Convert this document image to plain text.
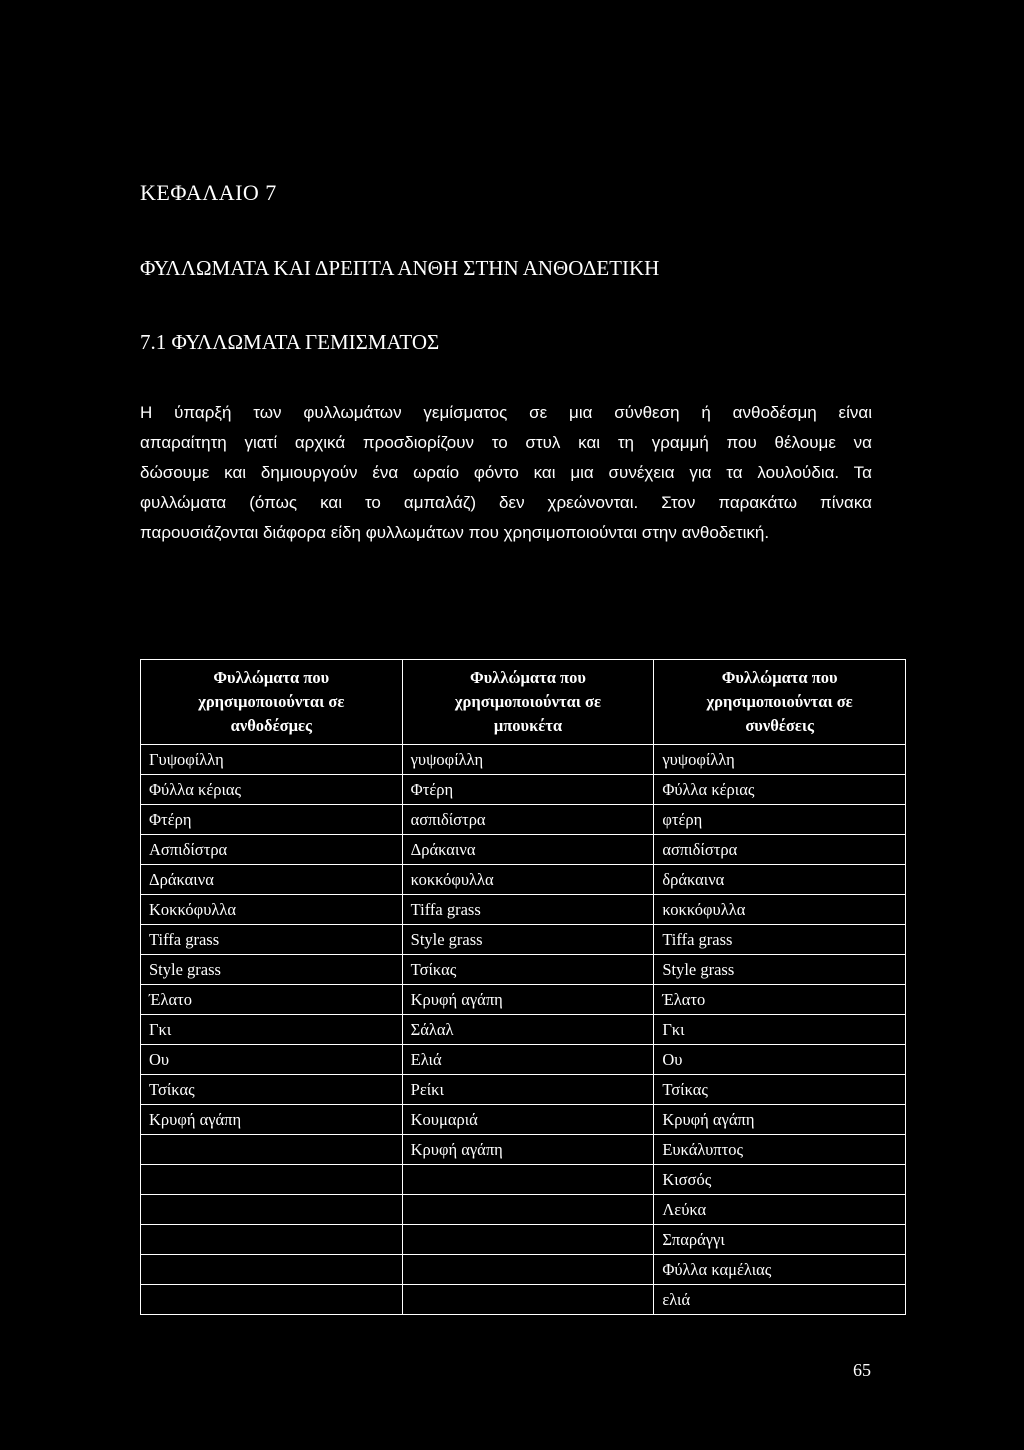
ΚΕΦΑΛΑΙΟ 7
ΦΥΛΛΩΜΑΤΑ ΚΑΙ ΔΡΕΠΤΑ ΑΝΘΗ ΣΤΗΝ ΑΝΘΟΔΕΤΙΚΗ
7.1 ΦΥΛΛΩΜΑΤΑ ΓΕΜΙΣΜΑΤΟΣ
Η ύπαρξή των φυλλωμάτων γεμίσματος σε μια σύνθεση ή ανθοδέσμη είναι
απαραίτητη γιατί αρχικά προσδιορίζουν το στυλ και τη γραμμή που θέλουμε να
δώσουμε και δημιουργούν ένα ωραίο φόντο και μια συνέχεια για τα λουλούδια. Τα
φυλλώματα (όπως και το αμπαλάζ) δεν χρεώνονται. Στον παρακάτω πίνακα
παρουσιάζονται διάφορα είδη φυλλωμάτων που χρησιμοποιούνται στην ανθοδετική.
Φυλλώματα που
χρησιμοποιούνται σε
ανθοδέσμες	Φυλλώματα που
χρησιμοποιούνται σε
μπουκέτα	Φυλλώματα που
χρησιμοποιούνται σε
συνθέσεις
Γυψοφίλλη	γυψοφίλλη	γυψοφίλλη
Φύλλα κέριας	Φτέρη	Φύλλα κέριας
Φτέρη	ασπιδίστρα	φτέρη
Ασπιδίστρα	Δράκαινα	ασπιδίστρα
Δράκαινα	κοκκόφυλλα	δράκαινα
Κοκκόφυλλα	Tiffa grass	κοκκόφυλλα
Tiffa grass	Style grass	Tiffa grass
Style grass	Τσίκας	Style grass
Έλατο	Κρυφή αγάπη	Έλατο
Γκι	Σάλαλ	Γκι
Ου	Ελιά	Ου
Τσίκας	Ρείκι	Τσίκας
Κρυφή αγάπη	Κουμαριά	Κρυφή αγάπη
	Κρυφή αγάπη	Ευκάλυπτος
		Κισσός
		Λεύκα
		Σπαράγγι
		Φύλλα καμέλιας
		ελιά
65
